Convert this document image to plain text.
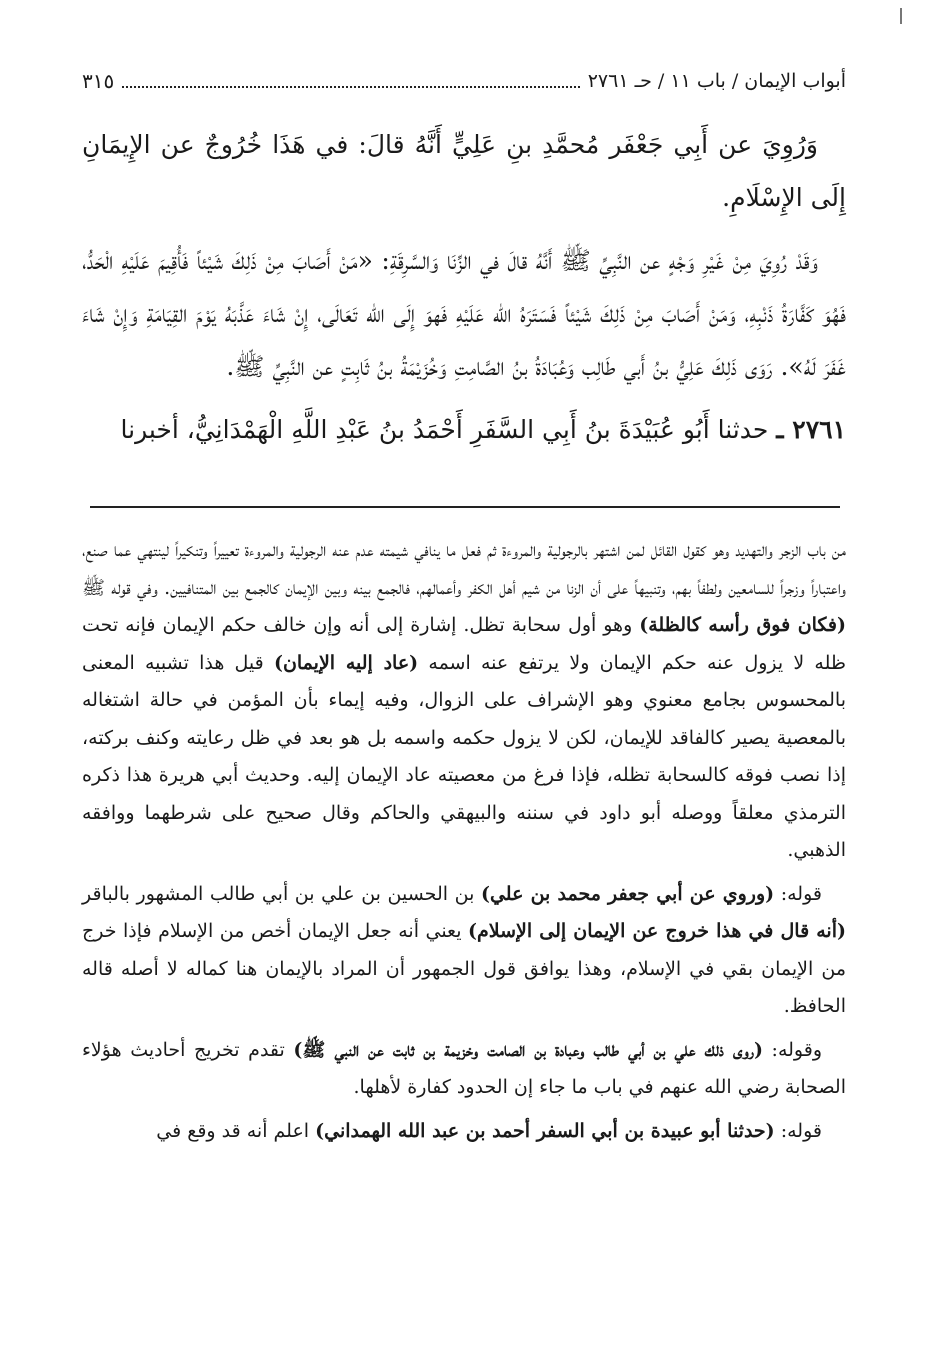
أبواب الإيمان / باب ١١ / حـ ٢٧٦١
٣١٥

وَرُوِيَ عن أَبِي جَعْفَر مُحمَّدِ بنِ عَلِيٍّ أَنَّهُ قالَ: في هَذَا خُرُوجٌ عن الإِيمَانِ إِلَى الإِسْلَامِ.

وَقَدْ رُوِيَ مِنْ غَيْرِ وَجْهٍ عن النَّبِيِّ ﷺ أَنَّهُ قالَ في الزِّنَا وَالسَّرِقَةِ: «مَنْ أَصَابَ مِنْ ذَلِكَ شَيْئاً فَأُقِيمَ عَلَيْهِ الْحَدُّ، فَهُوَ كَفَّارَةُ ذَنْبِهِ، وَمَنْ أَصَابَ مِنْ ذَلِكَ شَيْئاً فَسَتَرَهُ الله عَلَيْهِ فَهوَ إِلَى الله تَعَالَى، إِنْ شَاءَ عَذَّبَهُ يَوْمَ القِيَامَةِ وَإِنْ شَاءَ غَفَرَ لَهُ». رَوَى ذَلِكَ عَلِيُّ بنُ أَبي طَالِب وَعُبَادَةُ بنُ الصَّامِتِ وَخُزَيْمَةُ بنُ ثَابِتٍ عن النَّبِيِّ ﷺ.

٢٧٦١ ـ حدثنا أَبُو عُبَيْدَةَ بنُ أَبِي السَّفَرِ أَحْمَدُ بنُ عَبْدِ اللَّهِ الْهَمْدَانِيُّ، أخبرنا

من باب الزجر والتهديد وهو كقول القائل لمن اشتهر بالرجولية والمروءة ثم فعل ما ينافي شيمته عدم عنه الرجولية والمروءة تعييراً وتنكيراً لينتهي عما صنع، واعتباراً وزجراً للسامعين ولطفاً بهم، وتنبيهاً على أن الزنا من شيم أهل الكفر وأعمالهم، فالجمع بينه وبين الإيمان كالجمع بين المتنافيين. وفي قوله ﷺ (فكان فوق رأسه كالظلة) وهو أول سحابة تظل. إشارة إلى أنه وإن خالف حكم الإيمان فإنه تحت ظله لا يزول عنه حكم الإيمان ولا يرتفع عنه اسمه (عاد إليه الإيمان) قيل هذا تشبيه المعنى بالمحسوس بجامع معنوي وهو الإشراف على الزوال، وفيه إيماء بأن المؤمن في حالة اشتغاله بالمعصية يصير كالفاقد للإيمان، لكن لا يزول حكمه واسمه بل هو بعد في ظل رعايته وكنف بركته، إذا نصب فوقه كالسحابة تظله، فإذا فرغ من معصيته عاد الإيمان إليه. وحديث أبي هريرة هذا ذكره الترمذي معلقاً ووصله أبو داود في سننه والبيهقي والحاكم وقال صحيح على شرطهما ووافقه الذهبي.

قوله: (وروي عن أبي جعفر محمد بن علي) بن الحسين بن علي بن أبي طالب المشهور بالباقر (أنه قال في هذا خروج عن الإيمان إلى الإسلام) يعني أنه جعل الإيمان أخص من الإسلام فإذا خرج من الإيمان بقي في الإسلام، وهذا يوافق قول الجمهور أن المراد بالإيمان هنا كماله لا أصله قاله الحافظ.

وقوله: (روى ذلك علي بن أبي طالب وعبادة بن الصامت وخزيمة بن ثابت عن النبي ﷺ) تقدم تخريج أحاديث هؤلاء الصحابة رضي الله عنهم في باب ما جاء إن الحدود كفارة لأهلها.

قوله: (حدثنا أبو عبيدة بن أبي السفر أحمد بن عبد الله الهمداني) اعلم أنه قد وقع في
